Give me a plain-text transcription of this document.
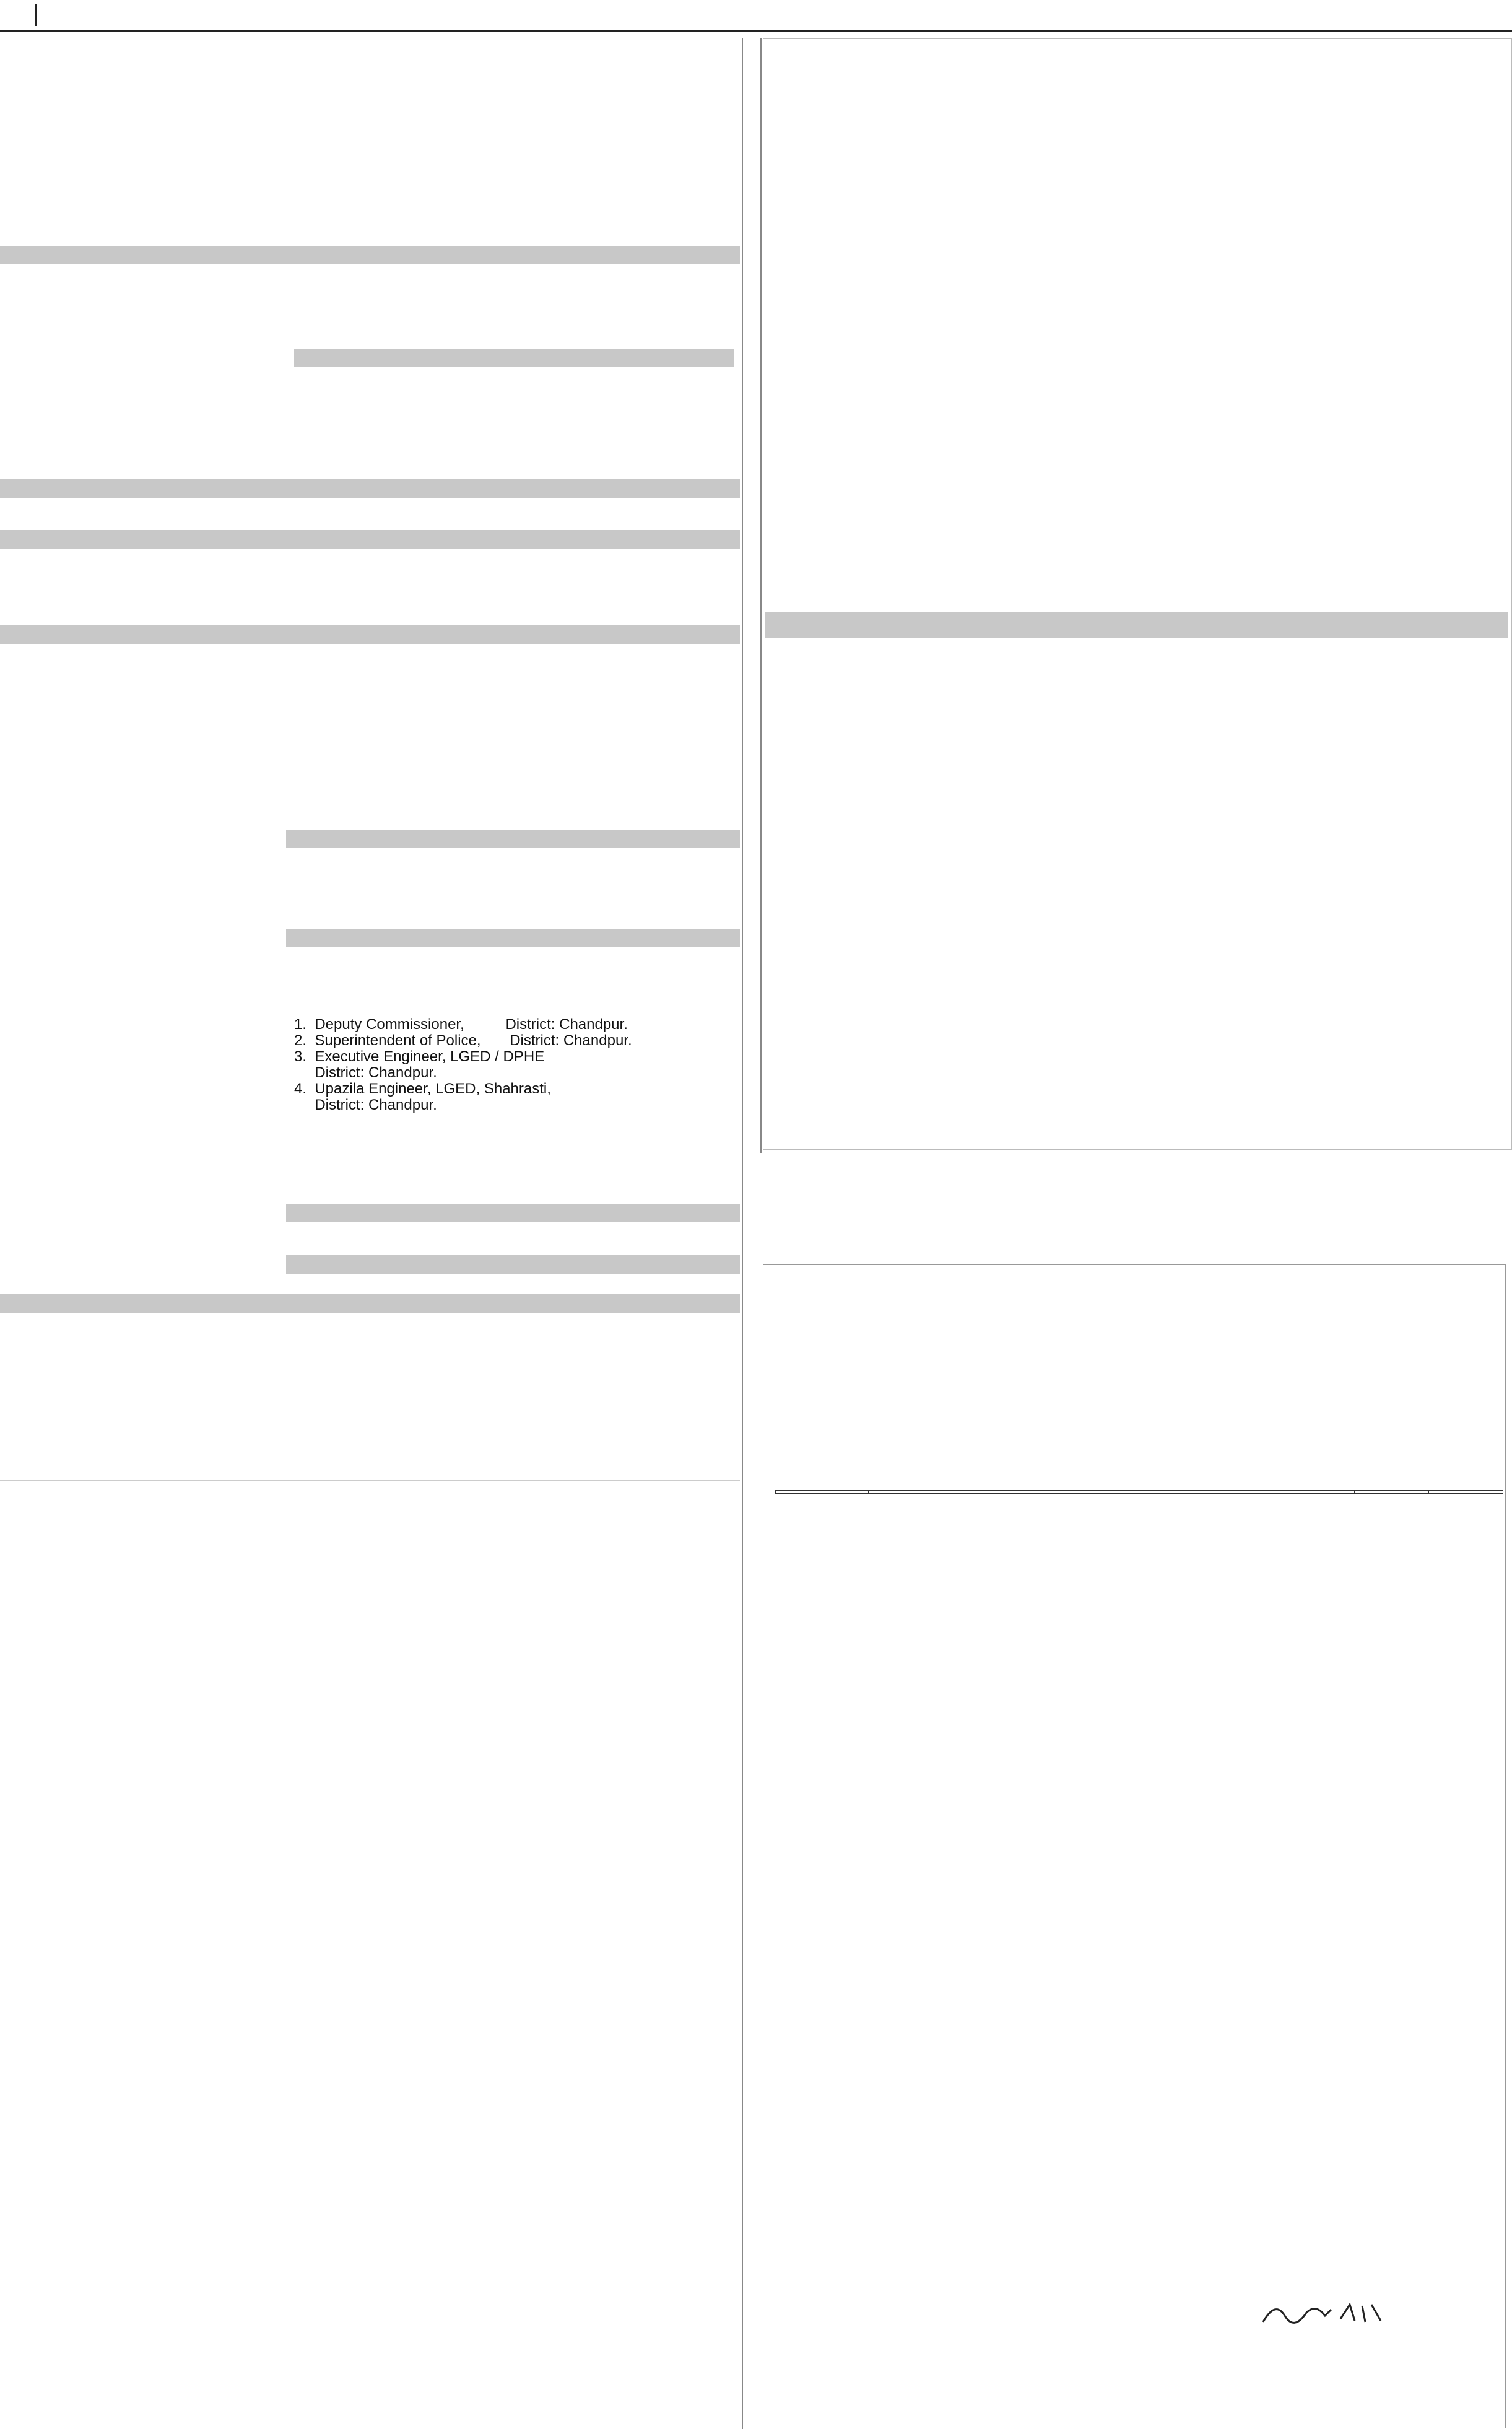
1.  Deputy Commissioner,          District: Chandpur.
2.  Superintendent of Police,       District: Chandpur.
3.  Executive Engineer, LGED / DPHE
District: Chandpur.
4.  Upazila Engineer, LGED, Shahrasti,
District: Chandpur.
